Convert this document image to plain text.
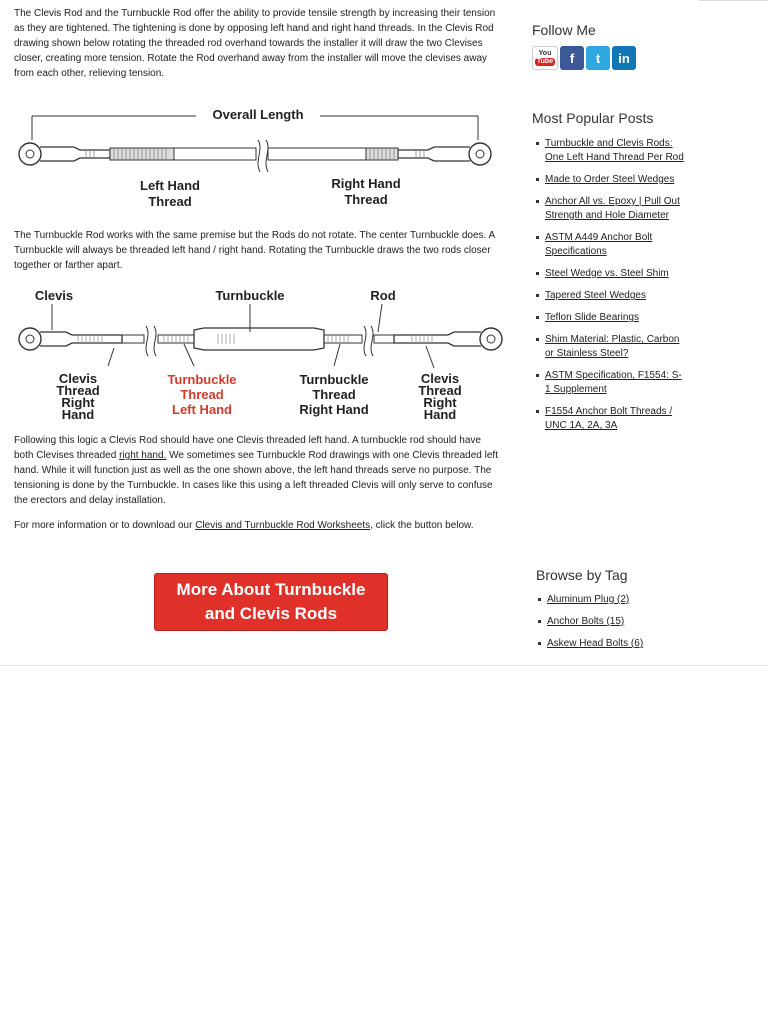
The Clevis Rod and the Turnbuckle Rod offer the ability to provide tensile strength by increasing their tension as they are tightened. The tightening is done by opposing left hand and right hand threads. In the Clevis Rod drawing shown below rotating the threaded rod overhand towards the installer it will draw the two Clevises closer, creating more tension. Rotate the Rod overhand away from the installer will move the clevises away from each other, relieving tension.

Overall Length
Left Hand
Thread
Right Hand
Thread

The Turnbuckle Rod works with the same premise but the Rods do not rotate. The center Turnbuckle does. A Turnbuckle will always be threaded left hand / right hand. Rotating the Turnbuckle draws the two rods closer together or farther apart.

Clevis	Turnbuckle	Rod
Clevis
Thread
Right
Hand
Turnbuckle
Thread
Left Hand
Turnbuckle
Thread
Right Hand
Clevis
Thread
Right
Hand

Following this logic a Clevis Rod should have one Clevis threaded left hand. A turnbuckle rod should have both Clevises threaded right hand. We sometimes see Turnbuckle Rod drawings with one Clevis threaded left hand. While it will function just as well as the one shown above, the left hand threads serve no purpose. The tensioning is done by the Turnbuckle. In cases like this using a left threaded Clevis will only serve to confuse the erectors and delay installation.

For more information or to download our Clevis and Turnbuckle Rod Worksheets, click the button below.

More About Turnbuckle
and Clevis Rods
Follow Me
You
Tube f t in
Most Popular Posts
Turnbuckle and Clevis Rods: One Left Hand Thread Per Rod
Made to Order Steel Wedges
Anchor All vs. Epoxy | Pull Out Strength and Hole Diameter
ASTM A449 Anchor Bolt Specifications
Steel Wedge vs. Steel Shim
Tapered Steel Wedges
Teflon Slide Bearings
Shim Material: Plastic, Carbon or Stainless Steel?
ASTM Specification, F1554: S-1 Supplement
F1554 Anchor Bolt Threads / UNC 1A, 2A, 3A
Browse by Tag
Aluminum Plug (2)
Anchor Bolts (15)
Askew Head Bolts (6)
